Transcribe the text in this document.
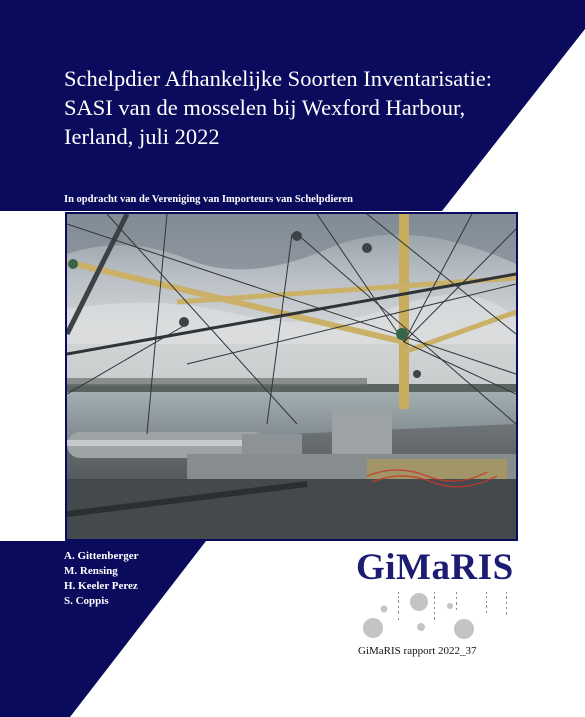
Schelpdier Afhankelijke Soorten Inventarisatie:
SASI van de mosselen bij Wexford Harbour,
Ierland, juli 2022
In opdracht van de Vereniging van Importeurs van Schelpdieren
A. Gittenberger
M. Rensing
H. Keeler Perez
S. Coppis
GiMaRIS
GiMaRIS rapport 2022_37
